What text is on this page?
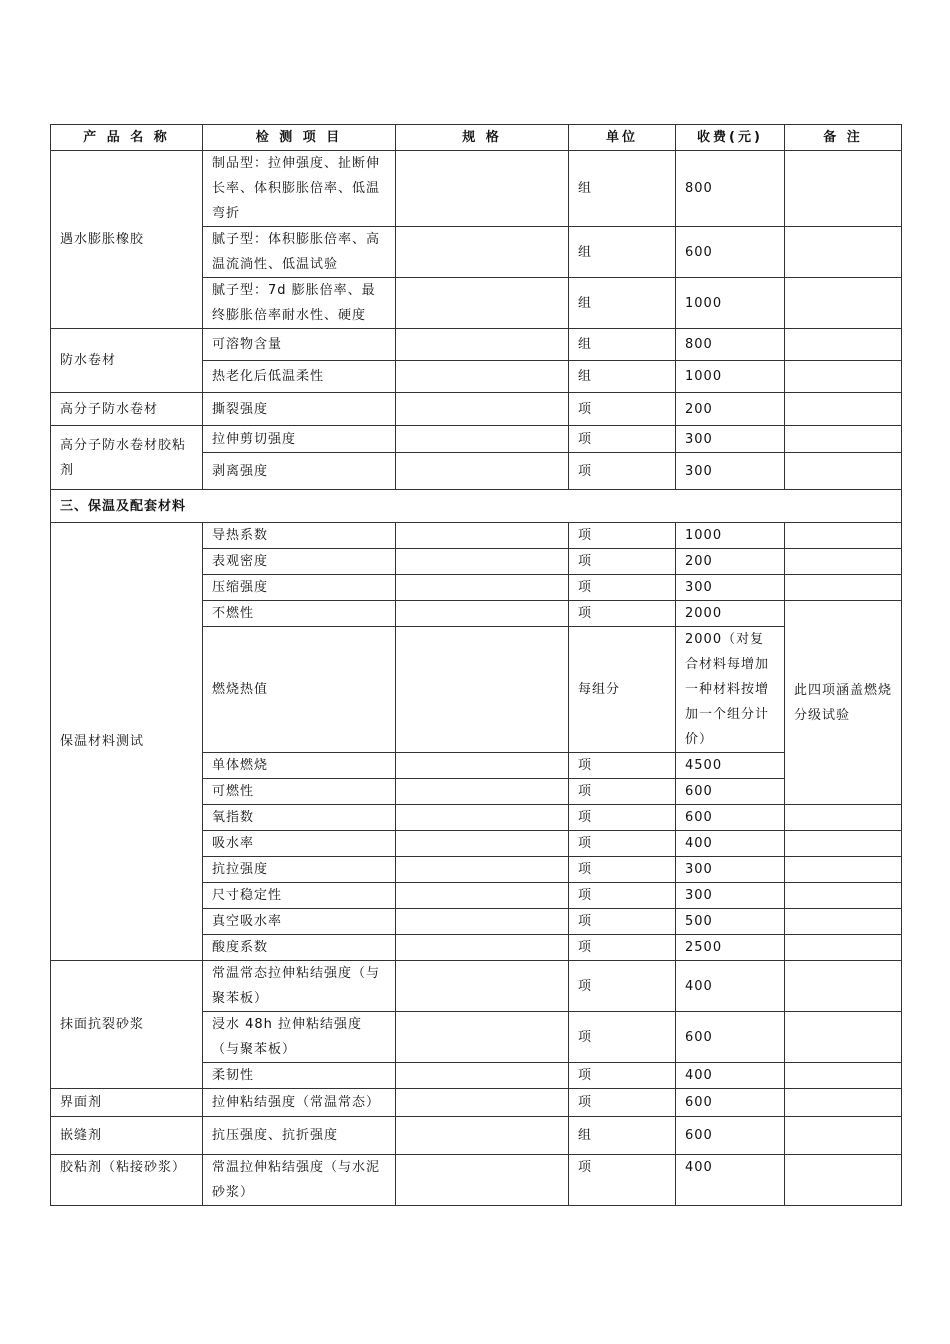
产 品 名 称	检 测 项 目	规 格	单位	收费(元)	备 注
遇水膨胀橡胶	制品型：拉伸强度、扯断伸长率、体积膨胀倍率、低温弯折		组	800	
	腻子型：体积膨胀倍率、高温流淌性、低温试验		组	600	
	腻子型：7d 膨胀倍率、最终膨胀倍率耐水性、硬度		组	1000	
防水卷材	可溶物含量		组	800	
	热老化后低温柔性		组	1000	
高分子防水卷材	撕裂强度		项	200	
高分子防水卷材胶粘剂	拉伸剪切强度		项	300	
	剥离强度		项	300	
三、保温及配套材料					
保温材料测试	导热系数		项	1000	
	表观密度		项	200	
	压缩强度		项	300	
	不燃性		项	2000	此四项涵盖燃烧分级试验
	燃烧热值		每组分	2000（对复合材料每增加一种材料按增加一个组分计价）	
	单体燃烧		项	4500	
	可燃性		项	600	
	氧指数		项	600	
	吸水率		项	400	
	抗拉强度		项	300	
	尺寸稳定性		项	300	
	真空吸水率		项	500	
	酸度系数		项	2500	
抹面抗裂砂浆	常温常态拉伸粘结强度（与聚苯板）		项	400	
	浸水 48h 拉伸粘结强度（与聚苯板）		项	600	
	柔韧性		项	400	
界面剂	拉伸粘结强度（常温常态）		项	600	
嵌缝剂	抗压强度、抗折强度		组	600	
胶粘剂（粘接砂浆）	常温拉伸粘结强度（与水泥砂浆）		项	400	
